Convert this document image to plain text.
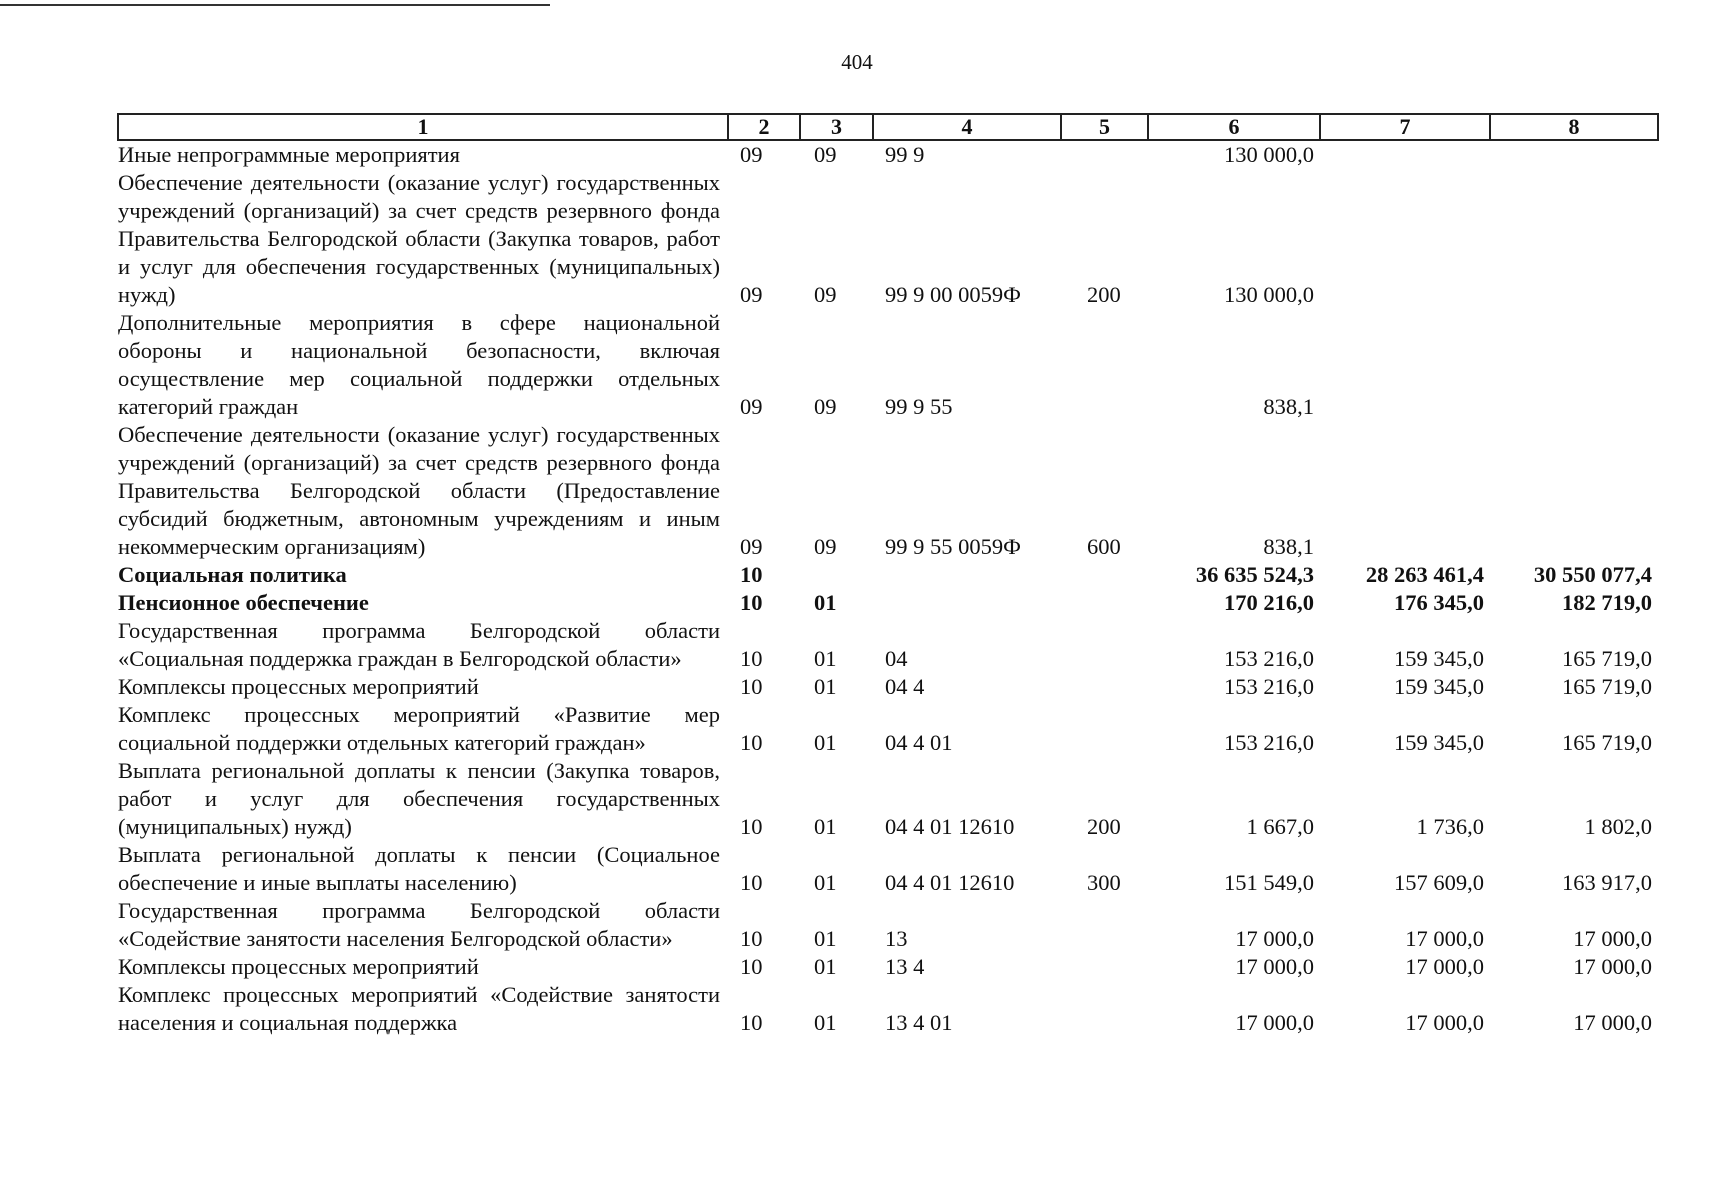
404
1	2	3	4	5	6	7	8
Иные непрограммные мероприятия	09	09	99 9		130 000,0		
Обеспечение деятельности (оказание услуг) государственных учреждений (организаций) за счет средств резервного фонда Правительства Белгородской области (Закупка товаров, работ и услуг для обеспечения государственных (муниципальных) нужд)	09	09	99 9 00 0059Ф	200	130 000,0		
Дополнительные мероприятия в сфере национальной обороны и национальной безопасности, включая осуществление мер социальной поддержки отдельных категорий граждан	09	09	99 9 55		838,1		
Обеспечение деятельности (оказание услуг) государственных учреждений (организаций) за счет средств резервного фонда Правительства Белгородской области (Предоставление субсидий бюджетным, автономным учреждениям и иным некоммерческим организациям)	09	09	99 9 55 0059Ф	600	838,1		
Социальная политика	10				36 635 524,3	28 263 461,4	30 550 077,4
Пенсионное обеспечение	10	01			170 216,0	176 345,0	182 719,0
Государственная программа Белгородской области «Социальная поддержка граждан в Белгородской области»	10	01	04		153 216,0	159 345,0	165 719,0
Комплексы процессных мероприятий	10	01	04 4		153 216,0	159 345,0	165 719,0
Комплекс процессных мероприятий «Развитие мер социальной поддержки отдельных категорий граждан»	10	01	04 4 01		153 216,0	159 345,0	165 719,0
Выплата региональной доплаты к пенсии (Закупка товаров, работ и услуг для обеспечения государственных (муниципальных) нужд)	10	01	04 4 01 12610	200	1 667,0	1 736,0	1 802,0
Выплата региональной доплаты к пенсии (Социальное обеспечение и иные выплаты населению)	10	01	04 4 01 12610	300	151 549,0	157 609,0	163 917,0
Государственная программа Белгородской области «Содействие занятости населения Белгородской области»	10	01	13		17 000,0	17 000,0	17 000,0
Комплексы процессных мероприятий	10	01	13 4		17 000,0	17 000,0	17 000,0
Комплекс процессных мероприятий «Содействие занятости населения и социальная поддержка	10	01	13 4 01		17 000,0	17 000,0	17 000,0
